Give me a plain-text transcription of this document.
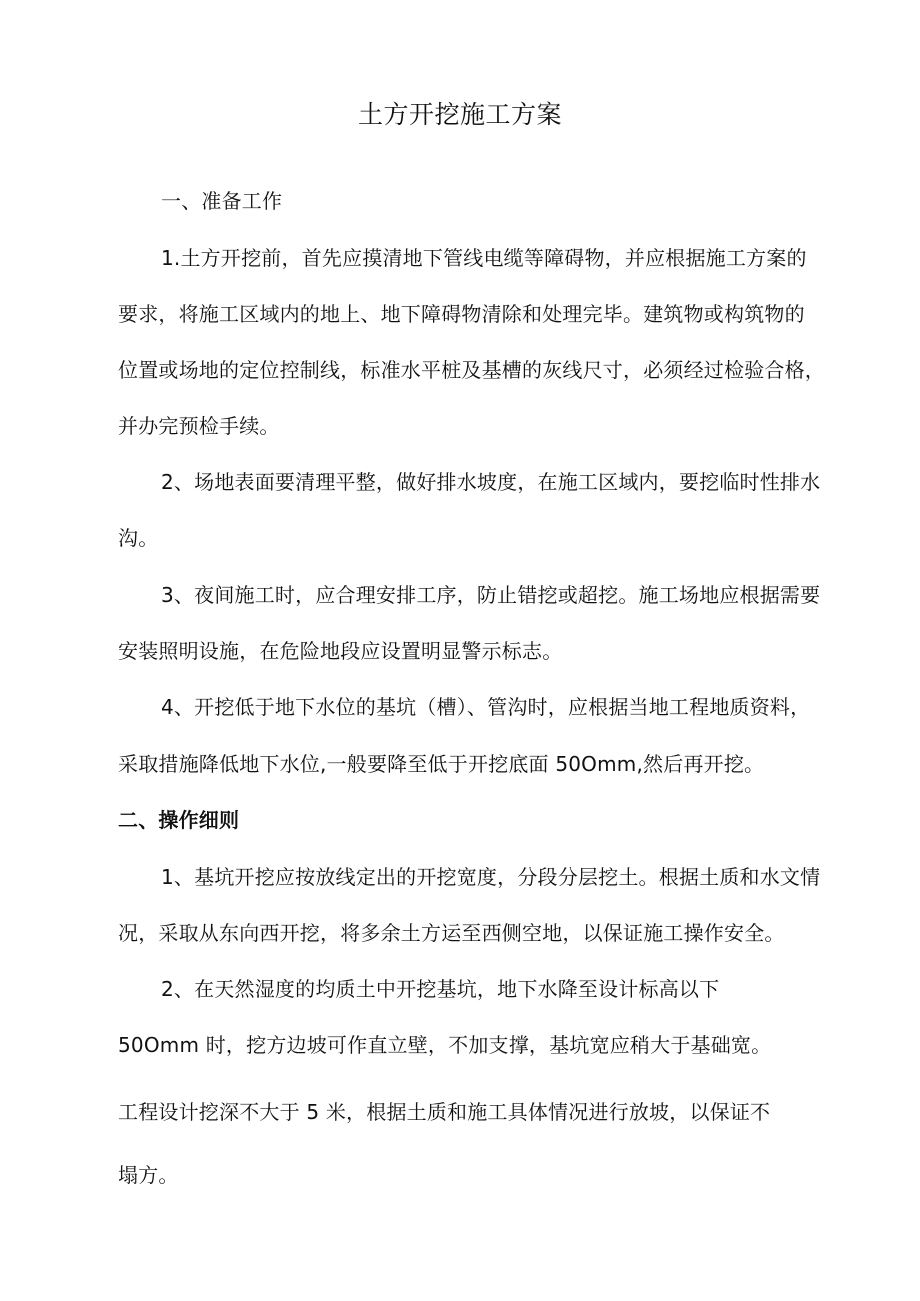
土方开挖施工方案
一、准备工作
1.土方开挖前，首先应摸清地下管线电缆等障碍物，并应根据施工方案的
要求，将施工区域内的地上、地下障碍物清除和处理完毕。建筑物或构筑物的
位置或场地的定位控制线，标准水平桩及基槽的灰线尺寸，必须经过检验合格，
并办完预检手续。
2、场地表面要清理平整，做好排水坡度，在施工区域内，要挖临时性排水
沟。
3、夜间施工时，应合理安排工序，防止错挖或超挖。施工场地应根据需要
安装照明设施，在危险地段应设置明显警示标志。
4、开挖低于地下水位的基坑（槽）、管沟时，应根据当地工程地质资料，
采取措施降低地下水位,一般要降至低于开挖底面 50Omm,然后再开挖。
二、操作细则
1、基坑开挖应按放线定出的开挖宽度，分段分层挖土。根据土质和水文情
况，采取从东向西开挖，将多余土方运至西侧空地，以保证施工操作安全。
2、在天然湿度的均质土中开挖基坑，地下水降至设计标高以下
50Omm 时，挖方边坡可作直立壁，不加支撑，基坑宽应稍大于基础宽。
工程设计挖深不大于 5 米，根据土质和施工具体情况进行放坡，以保证不
塌方。
